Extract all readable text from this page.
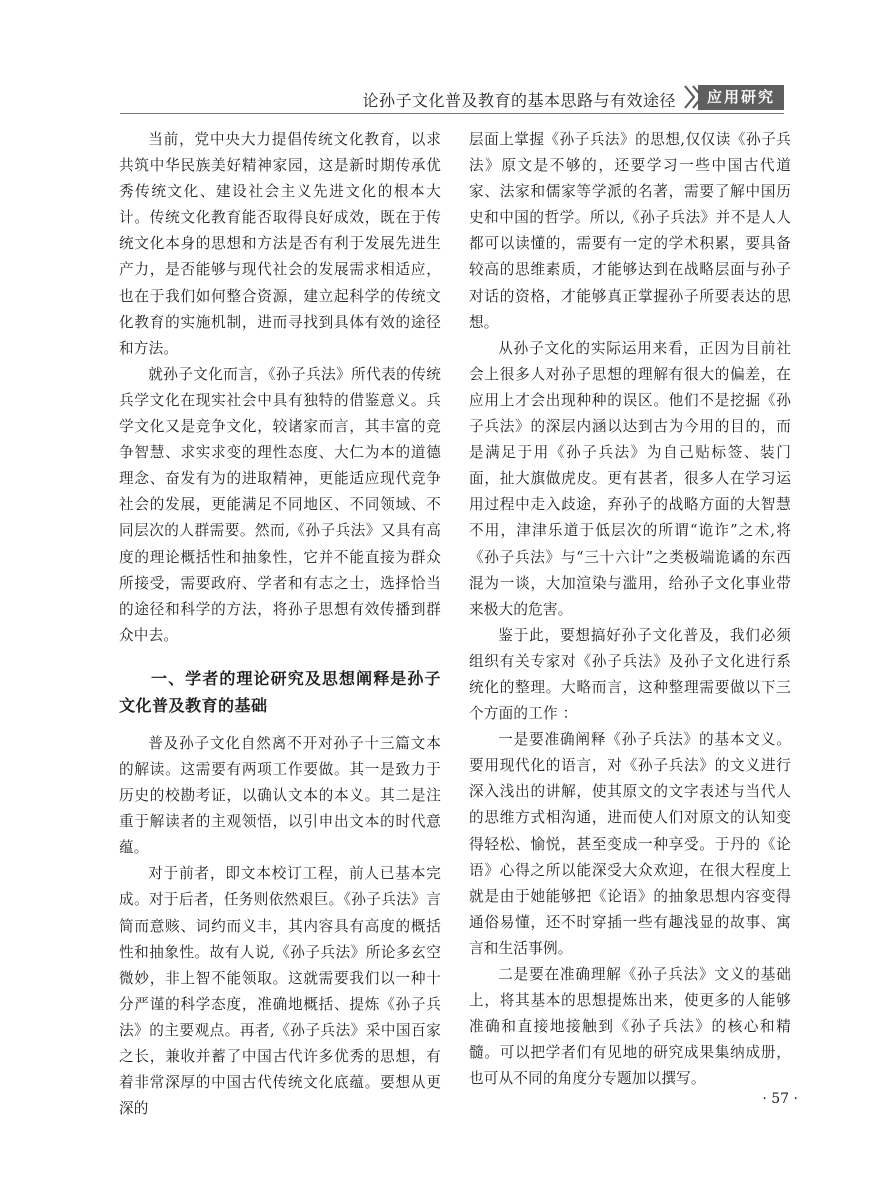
论孙子文化普及教育的基本思路与有效途径	应用研究

当前，党中央大力提倡传统文化教育，以求共筑中华民族美好精神家园，这是新时期传承优秀传统文化、建设社会主义先进文化的根本大计。传统文化教育能否取得良好成效，既在于传统文化本身的思想和方法是否有利于发展先进生产力，是否能够与现代社会的发展需求相适应，也在于我们如何整合资源，建立起科学的传统文化教育的实施机制，进而寻找到具体有效的途径和方法。

就孙子文化而言，《孙子兵法》所代表的传统兵学文化在现实社会中具有独特的借鉴意义。兵学文化又是竞争文化，较诸家而言，其丰富的竞争智慧、求实求变的理性态度、大仁为本的道德理念、奋发有为的进取精神，更能适应现代竞争社会的发展，更能满足不同地区、不同领域、不同层次的人群需要。然而,《孙子兵法》又具有高度的理论概括性和抽象性，它并不能直接为群众所接受，需要政府、学者和有志之士，选择恰当的途径和科学的方法，将孙子思想有效传播到群众中去。

一、学者的理论研究及思想阐释是孙子文化普及教育的基础

普及孙子文化自然离不开对孙子十三篇文本的解读。这需要有两项工作要做。其一是致力于历史的校勘考证，以确认文本的本义。其二是注重于解读者的主观领悟，以引申出文本的时代意蕴。

对于前者，即文本校订工程，前人已基本完成。对于后者，任务则依然艰巨。《孙子兵法》言简而意赅、词约而义丰，其内容具有高度的概括性和抽象性。故有人说,《孙子兵法》所论多玄空微妙，非上智不能领取。这就需要我们以一种十分严谨的科学态度，准确地概括、提炼《孙子兵法》的主要观点。再者,《孙子兵法》采中国百家之长，兼收并蓄了中国古代许多优秀的思想，有着非常深厚的中国古代传统文化底蕴。要想从更深的

层面上掌握《孙子兵法》的思想,仅仅读《孙子兵法》原文是不够的，还要学习一些中国古代道家、法家和儒家等学派的名著，需要了解中国历史和中国的哲学。所以,《孙子兵法》并不是人人都可以读懂的，需要有一定的学术积累，要具备较高的思维素质，才能够达到在战略层面与孙子对话的资格，才能够真正掌握孙子所要表达的思想。

从孙子文化的实际运用来看，正因为目前社会上很多人对孙子思想的理解有很大的偏差，在应用上才会出现种种的误区。他们不是挖掘《孙子兵法》的深层内涵以达到古为今用的目的，而是满足于用《孙子兵法》为自己贴标签、装门面，扯大旗做虎皮。更有甚者，很多人在学习运用过程中走入歧途，弃孙子的战略方面的大智慧不用，津津乐道于低层次的所谓“诡诈”之术,将《孙子兵法》与“三十六计”之类极端诡谲的东西混为一谈，大加渲染与滥用，给孙子文化事业带来极大的危害。

鉴于此，要想搞好孙子文化普及，我们必须组织有关专家对《孙子兵法》及孙子文化进行系统化的整理。大略而言，这种整理需要做以下三个方面的工作 ：

一是要准确阐释《孙子兵法》的基本文义。要用现代化的语言，对《孙子兵法》的文义进行深入浅出的讲解，使其原文的文字表述与当代人的思维方式相沟通，进而使人们对原文的认知变得轻松、愉悦，甚至变成一种享受。于丹的《论语》心得之所以能深受大众欢迎，在很大程度上就是由于她能够把《论语》的抽象思想内容变得通俗易懂，还不时穿插一些有趣浅显的故事、寓言和生活事例。

二是要在准确理解《孙子兵法》文义的基础上，将其基本的思想提炼出来，使更多的人能够准确和直接地接触到《孙子兵法》的核心和精髓。可以把学者们有见地的研究成果集纳成册，也可从不同的角度分专题加以撰写。

· 57 ·
